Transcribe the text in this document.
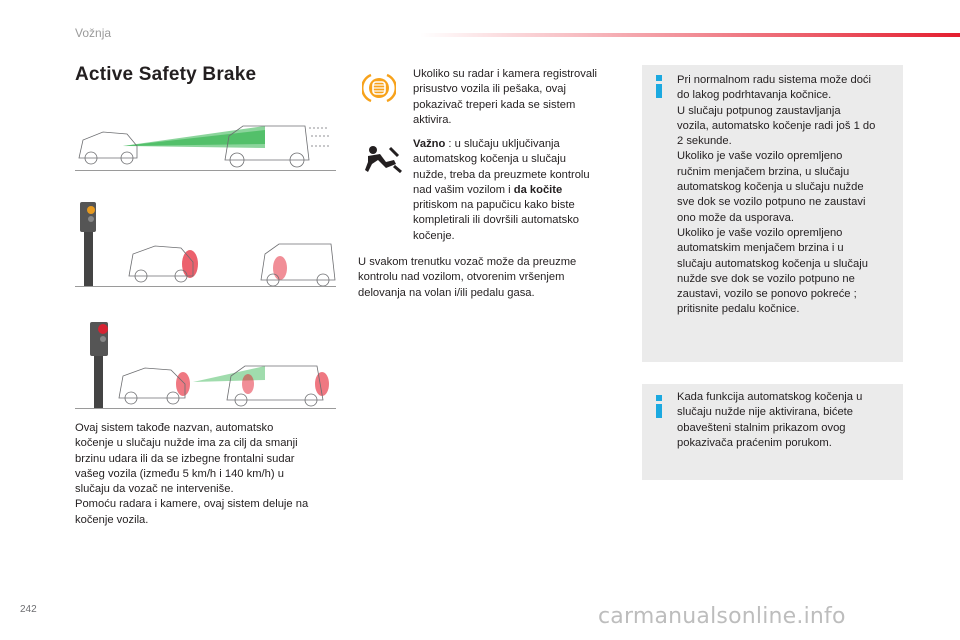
Vožnja
Active Safety Brake

Ovaj sistem takođe nazvan, automatsko

kočenje u slučaju nužde ima za cilj da smanji

brzinu udara ili da se izbegne frontalni sudar

vašeg vozila (između 5 km/h i 140 km/h) u

slučaju da vozač ne interveniše.

Pomoću radara i kamere, ovaj sistem deluje na

kočenje vozila.

Ukoliko su radar i kamera registrovali

prisustvo vozila ili pešaka, ovaj

pokazivač treperi kada se sistem

aktivira.

Važno : u slučaju uključivanja

automatskog kočenja u slučaju

nužde, treba da preuzmete kontrolu

nad vašim vozilom i da kočite

pritiskom na papučicu kako biste

kompletirali ili dovršili automatsko

kočenje.

U svakom trenutku vozač može da preuzme

kontrolu nad vozilom, otvorenim vršenjem

delovanja na volan i/ili pedalu gasa.

Pri normalnom radu sistema može doći

do lakog podrhtavanja kočnice.

U slučaju potpunog zaustavljanja

vozila, automatsko kočenje radi još 1 do

2 sekunde.

Ukoliko je vaše vozilo opremljeno

ručnim menjačem brzina, u slučaju

automatskog kočenja u slučaju nužde

sve dok se vozilo potpuno ne zaustavi

ono može da usporava.

Ukoliko je vaše vozilo opremljeno

automatskim menjačem brzina i u

slučaju automatskog kočenja u slučaju

nužde sve dok se vozilo potpuno ne

zaustavi, vozilo se ponovo pokreće ;

pritisnite pedalu kočnice.

Kada funkcija automatskog kočenja u

slučaju nužde nije aktivirana, bićete

obavešteni stalnim prikazom ovog

pokazivača praćenim porukom.

242	carmanualsonline.info
